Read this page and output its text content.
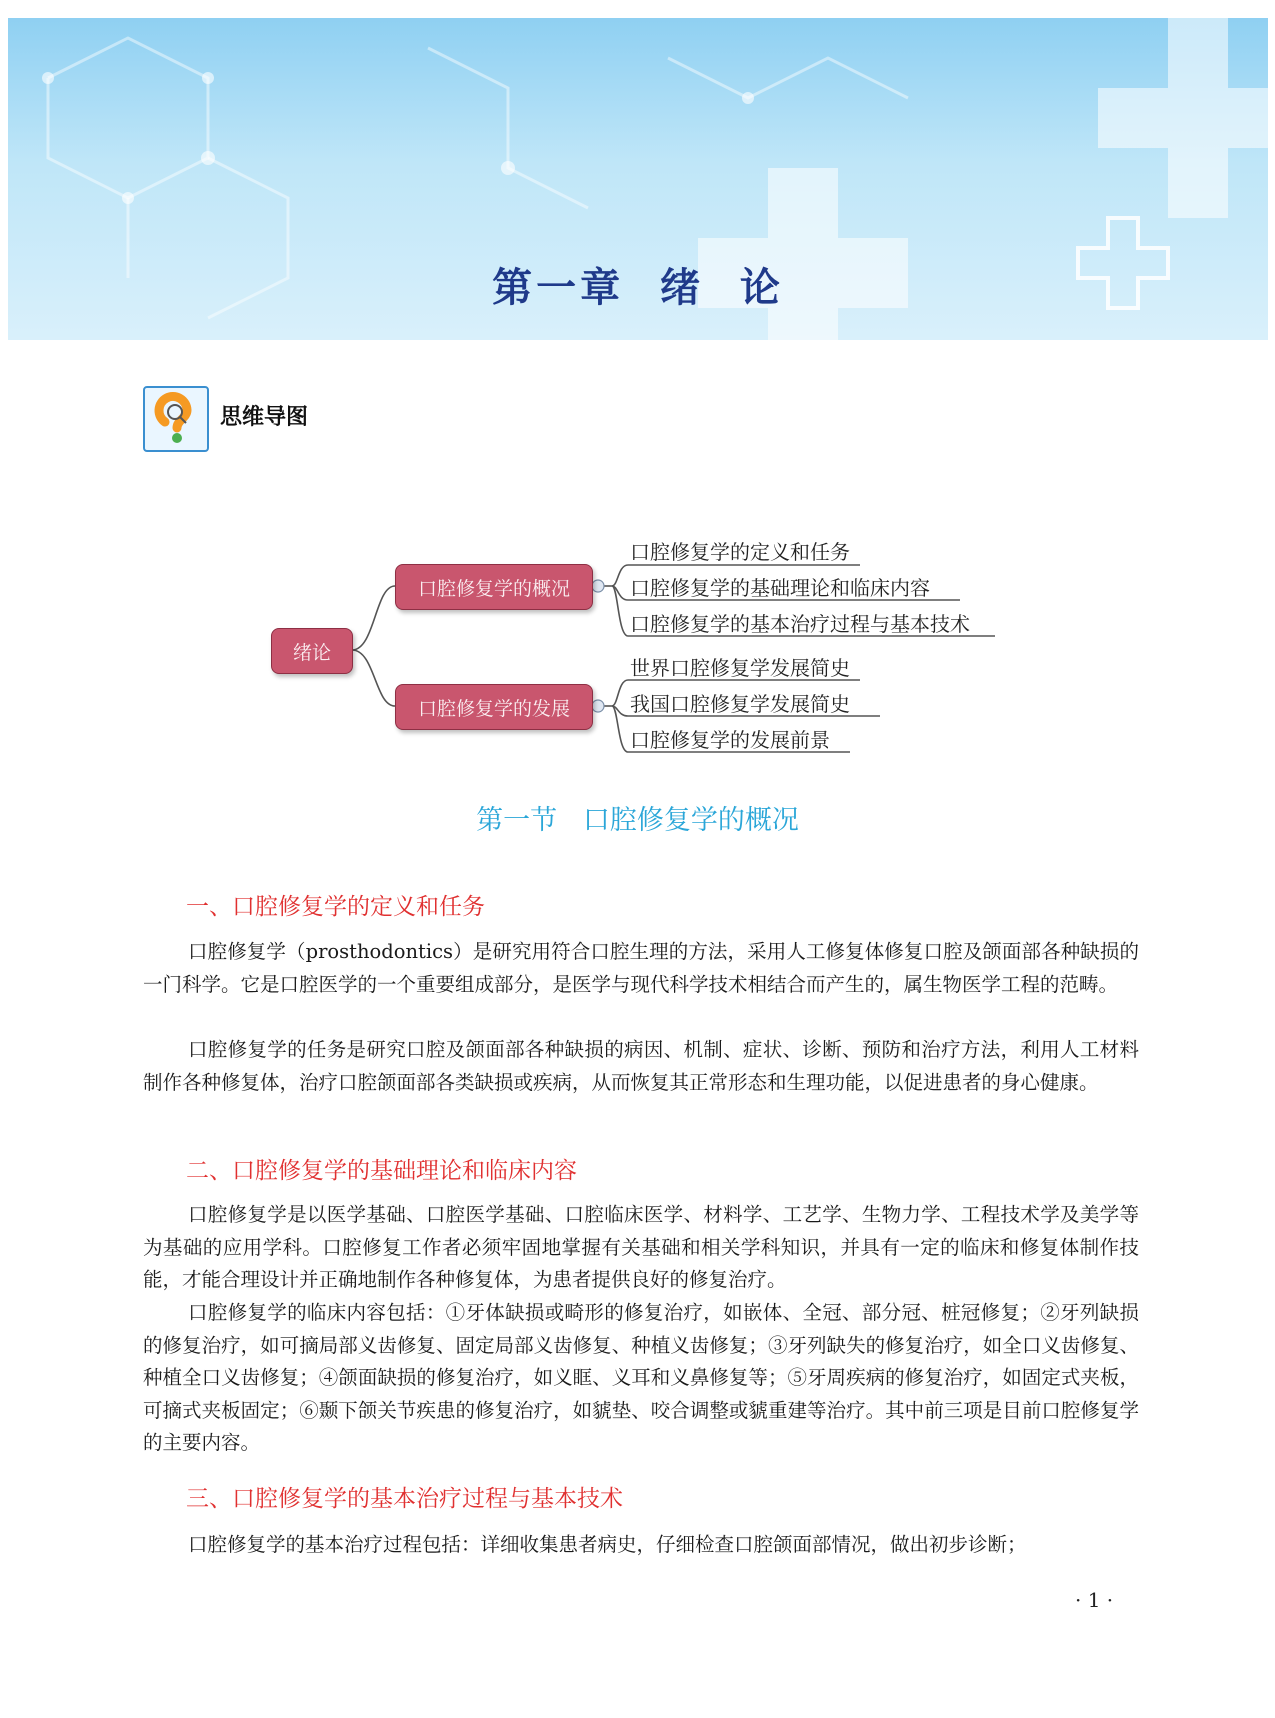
第一章  绪  论
思维导图
绪论
口腔修复学的概况
口腔修复学的发展
口腔修复学的定义和任务
口腔修复学的基础理论和临床内容
口腔修复学的基本治疗过程与基本技术
世界口腔修复学发展简史
我国口腔修复学发展简史
口腔修复学的发展前景
第一节   口腔修复学的概况
一、口腔修复学的定义和任务
口腔修复学（prosthodontics）是研究用符合口腔生理的方法，采用人工修复体修复口腔及颌面部各种缺损的一门科学。它是口腔医学的一个重要组成部分，是医学与现代科学技术相结合而产生的，属生物医学工程的范畴。
口腔修复学的任务是研究口腔及颌面部各种缺损的病因、机制、症状、诊断、预防和治疗方法，利用人工材料制作各种修复体，治疗口腔颌面部各类缺损或疾病，从而恢复其正常形态和生理功能，以促进患者的身心健康。
二、口腔修复学的基础理论和临床内容
口腔修复学是以医学基础、口腔医学基础、口腔临床医学、材料学、工艺学、生物力学、工程技术学及美学等为基础的应用学科。口腔修复工作者必须牢固地掌握有关基础和相关学科知识，并具有一定的临床和修复体制作技能，才能合理设计并正确地制作各种修复体，为患者提供良好的修复治疗。
口腔修复学的临床内容包括：①牙体缺损或畸形的修复治疗，如嵌体、全冠、部分冠、桩冠修复；②牙列缺损的修复治疗，如可摘局部义齿修复、固定局部义齿修复、种植义齿修复；③牙列缺失的修复治疗，如全口义齿修复、种植全口义齿修复；④颌面缺损的修复治疗，如义眶、义耳和义鼻修复等；⑤牙周疾病的修复治疗，如固定式夹板，可摘式夹板固定；⑥颞下颌关节疾患的修复治疗，如䝞垫、咬合调整或䝞重建等治疗。其中前三项是目前口腔修复学的主要内容。
三、口腔修复学的基本治疗过程与基本技术
口腔修复学的基本治疗过程包括：详细收集患者病史，仔细检查口腔颌面部情况，做出初步诊断；
· 1 ·
